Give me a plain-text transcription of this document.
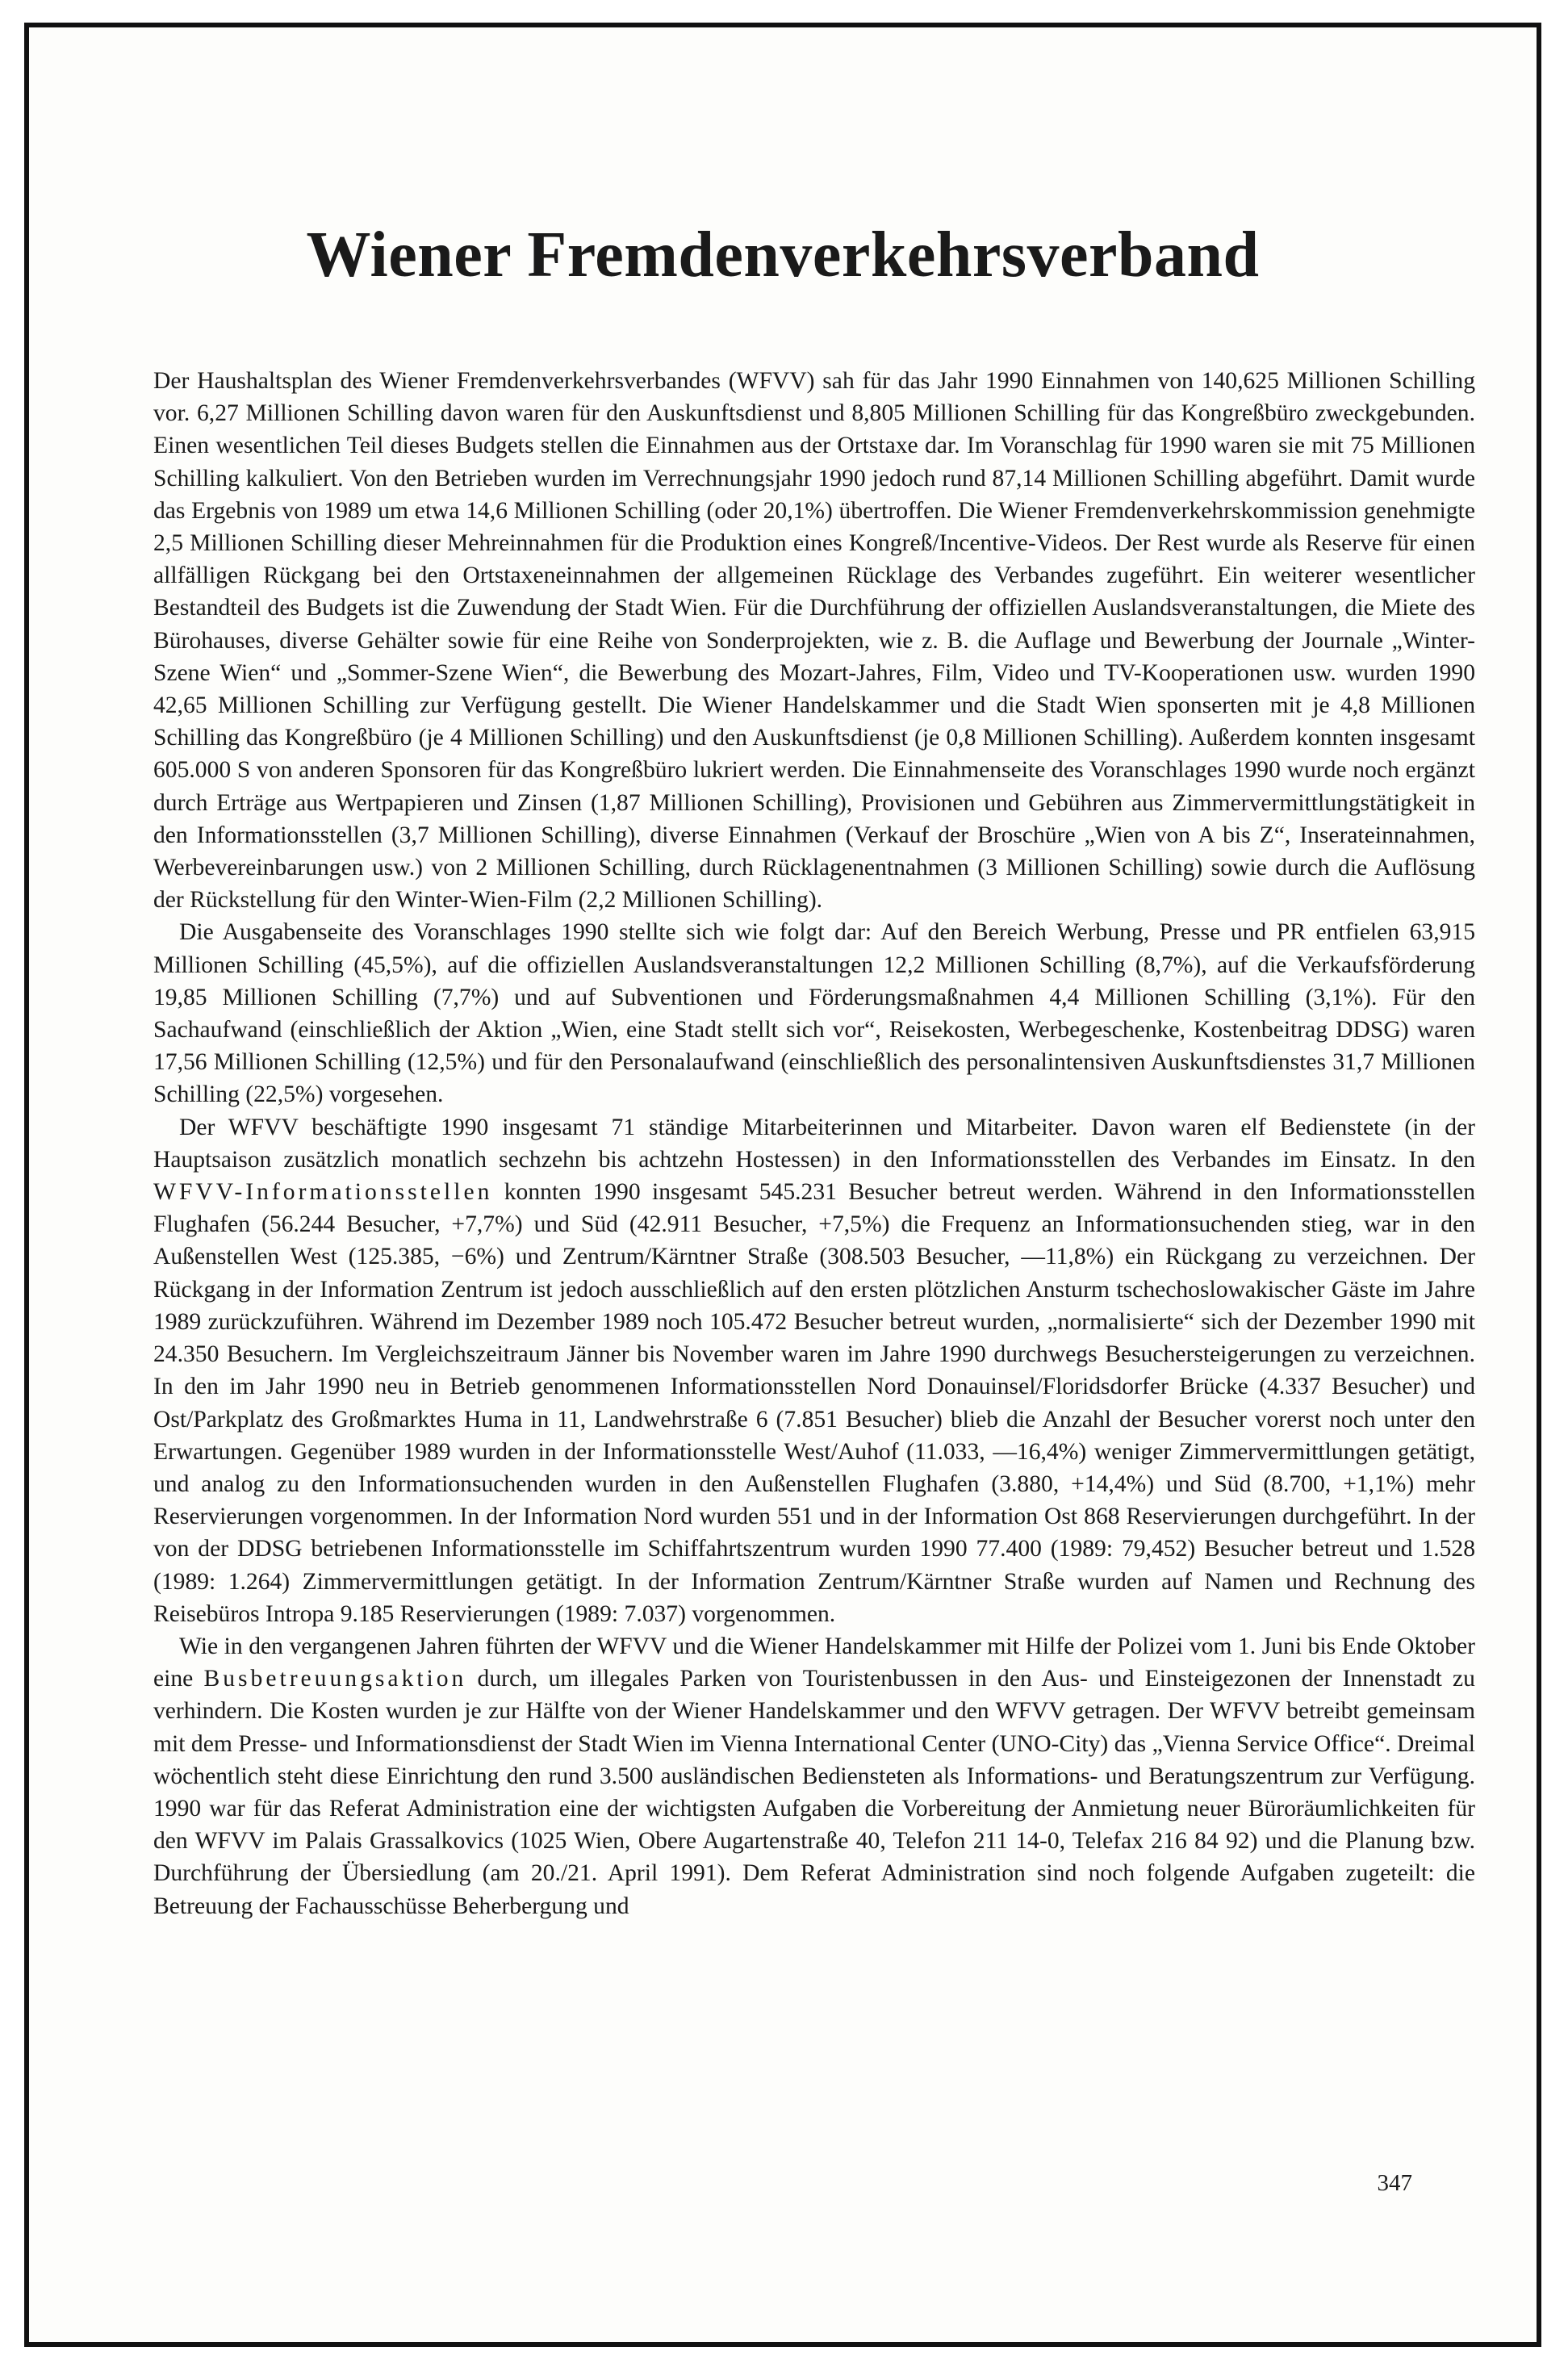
Wiener Fremdenverkehrsverband

Der Haushaltsplan des Wiener Fremdenverkehrsverbandes (WFVV) sah für das Jahr 1990 Einnahmen von 140,625 Millionen Schilling vor. 6,27 Millionen Schilling davon waren für den Auskunftsdienst und 8,805 Millionen Schilling für das Kongreßbüro zweckgebunden. Einen wesentlichen Teil dieses Budgets stellen die Einnahmen aus der Ortstaxe dar. Im Voranschlag für 1990 waren sie mit 75 Millionen Schilling kalkuliert. Von den Betrieben wurden im Verrechnungsjahr 1990 jedoch rund 87,14 Millionen Schilling abgeführt. Damit wurde das Ergebnis von 1989 um etwa 14,6 Millionen Schilling (oder 20,1%) übertroffen. Die Wiener Fremdenverkehrskommission genehmigte 2,5 Millionen Schilling dieser Mehreinnahmen für die Produktion eines Kongreß/Incentive-Videos. Der Rest wurde als Reserve für einen allfälligen Rückgang bei den Ortstaxeneinnahmen der allgemeinen Rücklage des Verbandes zugeführt. Ein weiterer wesentlicher Bestandteil des Budgets ist die Zuwendung der Stadt Wien. Für die Durchführung der offiziellen Auslandsveranstaltungen, die Miete des Bürohauses, diverse Gehälter sowie für eine Reihe von Sonderprojekten, wie z. B. die Auflage und Bewerbung der Journale „Winter-Szene Wien“ und „Sommer-Szene Wien“, die Bewerbung des Mozart-Jahres, Film, Video und TV-Kooperationen usw. wurden 1990 42,65 Millionen Schilling zur Verfügung gestellt. Die Wiener Handelskammer und die Stadt Wien sponserten mit je 4,8 Millionen Schilling das Kongreßbüro (je 4 Millionen Schilling) und den Auskunftsdienst (je 0,8 Millionen Schilling). Außerdem konnten insgesamt 605.000 S von anderen Sponsoren für das Kongreßbüro lukriert werden. Die Einnahmenseite des Voranschlages 1990 wurde noch ergänzt durch Erträge aus Wertpapieren und Zinsen (1,87 Millionen Schilling), Provisionen und Gebühren aus Zimmervermittlungstätigkeit in den Informationsstellen (3,7 Millionen Schilling), diverse Einnahmen (Verkauf der Broschüre „Wien von A bis Z“, Inserateinnahmen, Werbevereinbarungen usw.) von 2 Millionen Schilling, durch Rücklagenentnahmen (3 Millionen Schilling) sowie durch die Auflösung der Rückstellung für den Winter-Wien-Film (2,2 Millionen Schilling).

Die Ausgabenseite des Voranschlages 1990 stellte sich wie folgt dar: Auf den Bereich Werbung, Presse und PR entfielen 63,915 Millionen Schilling (45,5%), auf die offiziellen Auslandsveranstaltungen 12,2 Millionen Schilling (8,7%), auf die Verkaufsförderung 19,85 Millionen Schilling (7,7%) und auf Subventionen und Förderungsmaßnahmen 4,4 Millionen Schilling (3,1%). Für den Sachaufwand (einschließlich der Aktion „Wien, eine Stadt stellt sich vor“, Reisekosten, Werbegeschenke, Kostenbeitrag DDSG) waren 17,56 Millionen Schilling (12,5%) und für den Personalaufwand (einschließlich des personalintensiven Auskunftsdienstes 31,7 Millionen Schilling (22,5%) vorgesehen.

Der WFVV beschäftigte 1990 insgesamt 71 ständige Mitarbeiterinnen und Mitarbeiter. Davon waren elf Bedienstete (in der Hauptsaison zusätzlich monatlich sechzehn bis achtzehn Hostessen) in den Informationsstellen des Verbandes im Einsatz. In den WFVV-Informationsstellen konnten 1990 insgesamt 545.231 Besucher betreut werden. Während in den Informationsstellen Flughafen (56.244 Besucher, +7,7%) und Süd (42.911 Besucher, +7,5%) die Frequenz an Informationsuchenden stieg, war in den Außenstellen West (125.385, −6%) und Zentrum/Kärntner Straße (308.503 Besucher, —11,8%) ein Rückgang zu verzeichnen. Der Rückgang in der Information Zentrum ist jedoch ausschließlich auf den ersten plötzlichen Ansturm tschechoslowakischer Gäste im Jahre 1989 zurückzuführen. Während im Dezember 1989 noch 105.472 Besucher betreut wurden, „normalisierte“ sich der Dezember 1990 mit 24.350 Besuchern. Im Vergleichszeitraum Jänner bis November waren im Jahre 1990 durchwegs Besuchersteigerungen zu verzeichnen. In den im Jahr 1990 neu in Betrieb genommenen Informationsstellen Nord Donauinsel/Floridsdorfer Brücke (4.337 Besucher) und Ost/Parkplatz des Großmarktes Huma in 11, Landwehrstraße 6 (7.851 Besucher) blieb die Anzahl der Besucher vorerst noch unter den Erwartungen. Gegenüber 1989 wurden in der Informationsstelle West/Auhof (11.033, —16,4%) weniger Zimmervermittlungen getätigt, und analog zu den Informationsuchenden wurden in den Außenstellen Flughafen (3.880, +14,4%) und Süd (8.700, +1,1%) mehr Reservierungen vorgenommen. In der Information Nord wurden 551 und in der Information Ost 868 Reservierungen durchgeführt. In der von der DDSG betriebenen Informationsstelle im Schiffahrtszentrum wurden 1990 77.400 (1989: 79,452) Besucher betreut und 1.528 (1989: 1.264) Zimmervermittlungen getätigt. In der Information Zentrum/Kärntner Straße wurden auf Namen und Rechnung des Reisebüros Intropa 9.185 Reservierungen (1989: 7.037) vorgenommen.

Wie in den vergangenen Jahren führten der WFVV und die Wiener Handelskammer mit Hilfe der Polizei vom 1. Juni bis Ende Oktober eine Busbetreuungsaktion durch, um illegales Parken von Touristenbussen in den Aus- und Einsteigezonen der Innenstadt zu verhindern. Die Kosten wurden je zur Hälfte von der Wiener Handelskammer und den WFVV getragen. Der WFVV betreibt gemeinsam mit dem Presse- und Informationsdienst der Stadt Wien im Vienna International Center (UNO-City) das „Vienna Service Office“. Dreimal wöchentlich steht diese Einrichtung den rund 3.500 ausländischen Bediensteten als Informations- und Beratungszentrum zur Verfügung. 1990 war für das Referat Administration eine der wichtigsten Aufgaben die Vorbereitung der Anmietung neuer Büroräumlichkeiten für den WFVV im Palais Grassalkovics (1025 Wien, Obere Augartenstraße 40, Telefon 211 14-0, Telefax 216 84 92) und die Planung bzw. Durchführung der Übersiedlung (am 20./21. April 1991). Dem Referat Administration sind noch folgende Aufgaben zugeteilt: die Betreuung der Fachausschüsse Beherbergung und

347
